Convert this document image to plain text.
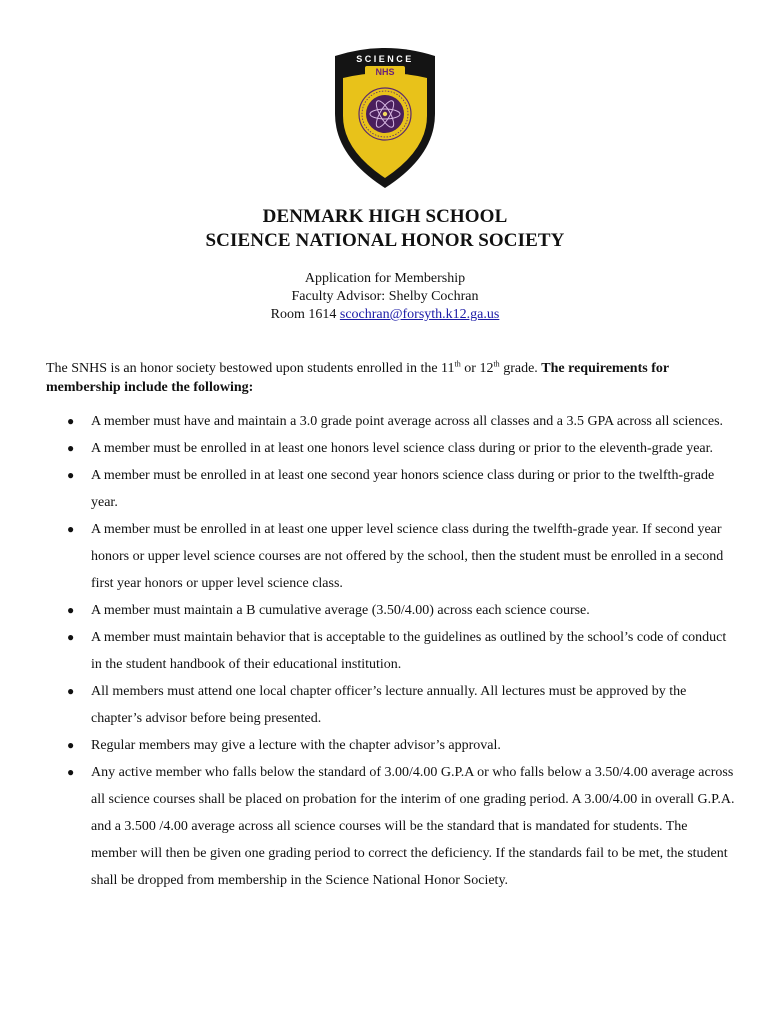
SCIENCE
NHS
DENMARK HIGH SCHOOL
SCIENCE NATIONAL HONOR SOCIETY
Application for Membership
Faculty Advisor: Shelby Cochran
Room 1614 scochran@forsyth.k12.ga.us
The SNHS is an honor society bestowed upon students enrolled in the 11th or 12th grade. The requirements for membership include the following:
● A member must have and maintain a 3.0 grade point average across all classes and a 3.5 GPA across all sciences.
● A member must be enrolled in at least one honors level science class during or prior to the eleventh-grade year.
● A member must be enrolled in at least one second year honors science class during or prior to the twelfth-grade year.
● A member must be enrolled in at least one upper level science class during the twelfth-grade year. If second year honors or upper level science courses are not offered by the school, then the student must be enrolled in a second first year honors or upper level science class.
● A member must maintain a B cumulative average (3.50/4.00) across each science course.
● A member must maintain behavior that is acceptable to the guidelines as outlined by the school’s code of conduct in the student handbook of their educational institution.
● All members must attend one local chapter officer’s lecture annually. All lectures must be approved by the chapter’s advisor before being presented.
● Regular members may give a lecture with the chapter advisor’s approval.
● Any active member who falls below the standard of 3.00/4.00 G.P.A or who falls below a 3.50/4.00 average across all science courses shall be placed on probation for the interim of one grading period. A 3.00/4.00 in overall G.P.A. and a 3.500 /4.00 average across all science courses will be the standard that is mandated for students. The member will then be given one grading period to correct the deficiency. If the standards fail to be met, the student shall be dropped from membership in the Science National Honor Society.
